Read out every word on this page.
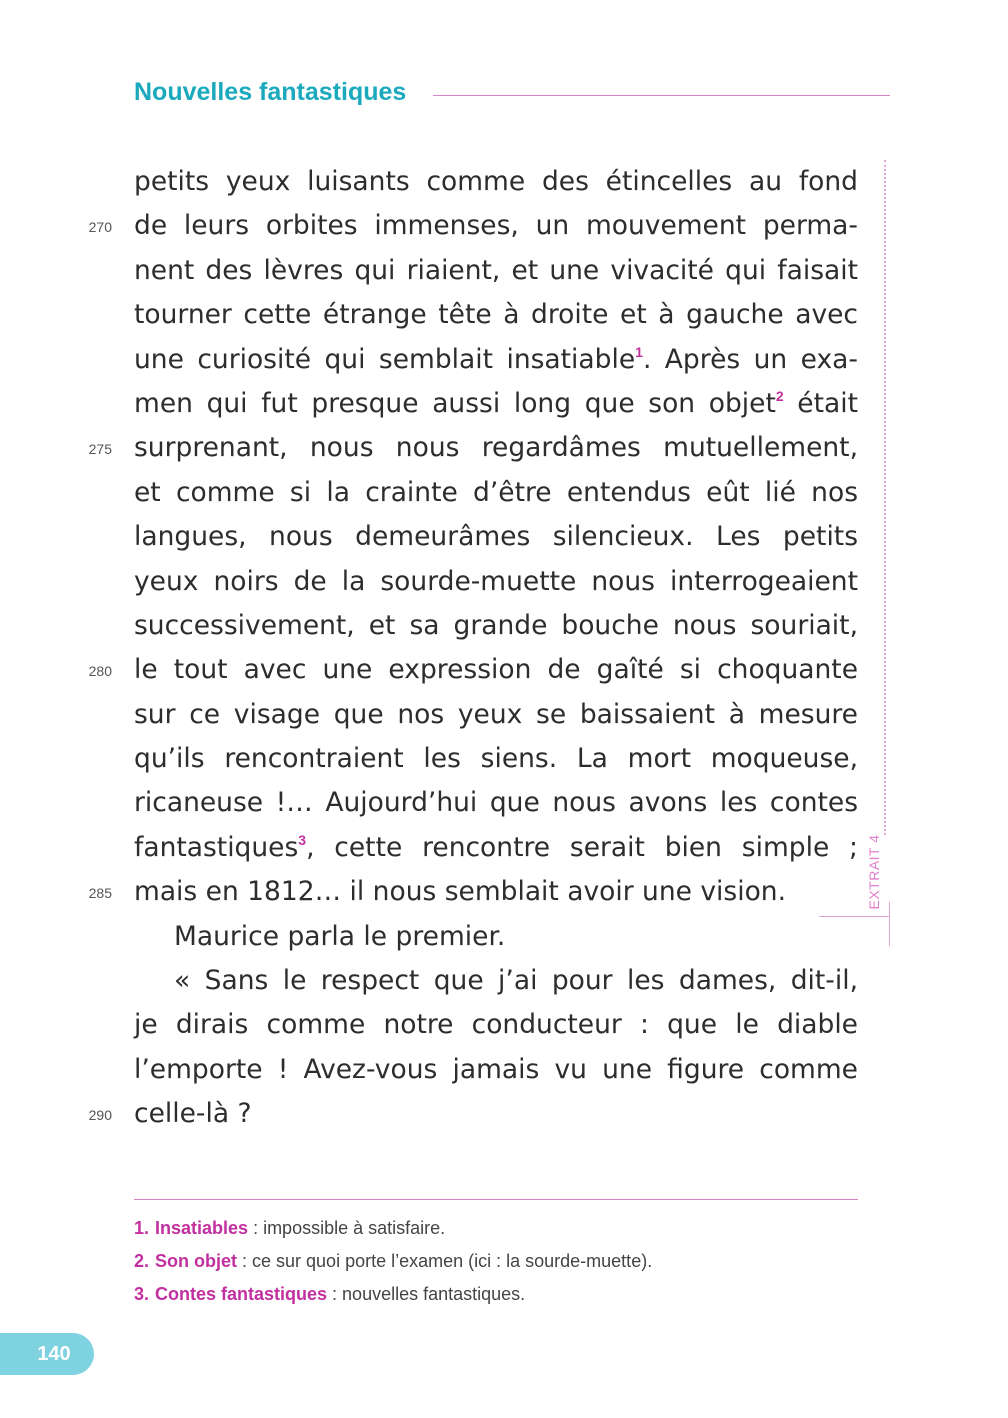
Nouvelles fantastiques
EXTRAIT 4
petits yeux luisants comme des étincelles au fond
de leurs orbites immenses, un mouvement perma-
nent des lèvres qui riaient, et une vivacité qui faisait
tourner cette étrange tête à droite et à gauche avec
une curiosité qui semblait insatiable$^1$. Après un exa-
men qui fut presque aussi long que son objet$^2$ était
surprenant, nous nous regardâmes mutuellement,
et comme si la crainte d’être entendus eût lié nos
langues, nous demeurâmes silencieux. Les petits
yeux noirs de la sourde-muette nous interrogeaient
successivement, et sa grande bouche nous souriait,
le tout avec une expression de gaîté si choquante
sur ce visage que nos yeux se baissaient à mesure
qu’ils rencontraient les siens. La mort moqueuse,
ricaneuse !… Aujourd’hui que nous avons les contes
fantastiques$^3$, cette rencontre serait bien simple ;
mais en 1812… il nous semblait avoir une vision.
Maurice parla le premier.
« Sans le respect que j’ai pour les dames, dit-il,
je dirais comme notre conducteur : que le diable
l’emporte ! Avez-vous jamais vu une figure comme
celle-là ?
270
275
280
285
290
1. Insatiables : impossible à satisfaire.
2. Son objet : ce sur quoi porte l’examen (ici : la sourde-muette).
3. Contes fantastiques : nouvelles fantastiques.
140
